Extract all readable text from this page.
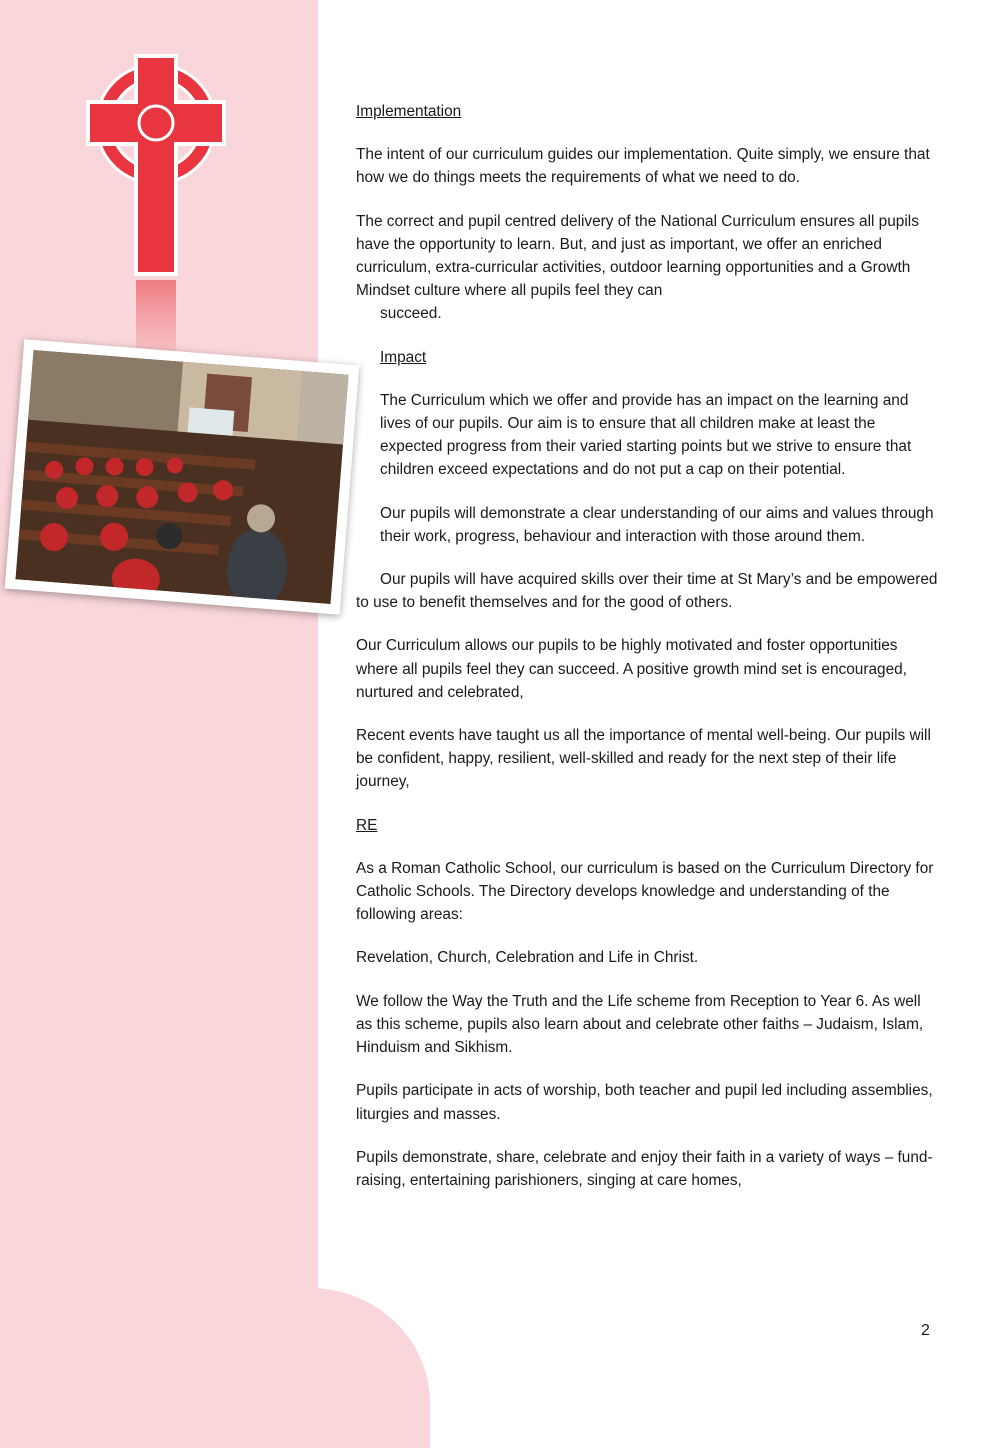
Implementation

The intent of our curriculum guides our implementation. Quite simply, we ensure that how we do things meets the requirements of what we need to do.

The correct and pupil centred delivery of the National Curriculum ensures all pupils have the opportunity to learn. But, and just as important, we offer an enriched curriculum, extra-curricular activities, outdoor learning opportunities and a Growth Mindset culture where all pupils feel they can
succeed.

Impact

The Curriculum which we offer and provide has an impact on the learning and lives of our pupils. Our aim is to ensure that all children make at least the expected progress from their varied starting points but we strive to ensure that children exceed expectations and do not put a cap on their potential.

Our pupils will demonstrate a clear understanding of our aims and values through their work, progress, behaviour and interaction with those around them.

Our pupils will have acquired skills over their time at St Mary’s and be empowered to use to benefit themselves and for the good of others.

Our Curriculum allows our pupils to be highly motivated and foster opportunities where all pupils feel they can succeed. A positive growth mind set is encouraged, nurtured and celebrated,

Recent events have taught us all the importance of mental well-being. Our pupils will be confident, happy, resilient, well-skilled and ready for the next step of their life journey,

RE

As a Roman Catholic School, our curriculum is based on the Curriculum Directory for Catholic Schools. The Directory develops knowledge and understanding of the following areas:

Revelation, Church, Celebration and Life in Christ.

We follow the Way the Truth and the Life scheme from Reception to Year 6. As well as this scheme, pupils also learn about and celebrate other faiths – Judaism, Islam, Hinduism and Sikhism.

Pupils participate in acts of worship, both teacher and pupil led including assemblies, liturgies and masses.

Pupils demonstrate, share, celebrate and enjoy their faith in a variety of ways – fund-raising, entertaining parishioners, singing at care homes,

2
